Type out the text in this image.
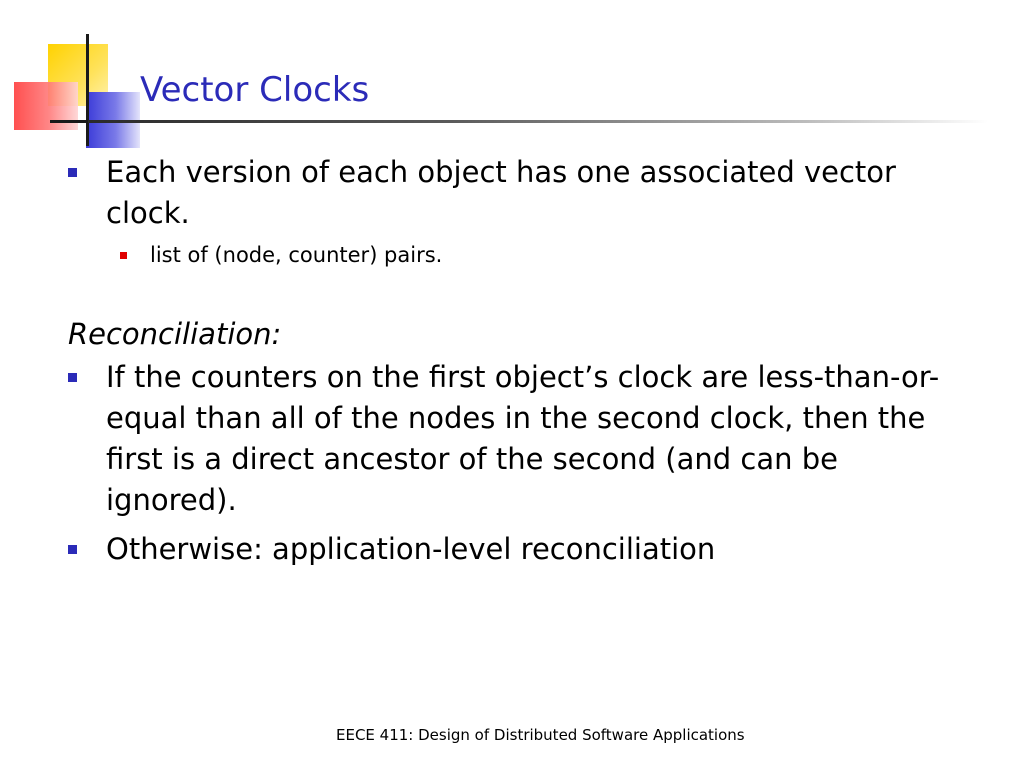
Vector Clocks

Each version of each object has one associated vector clock.

list of (node, counter) pairs.

Reconciliation:

If the counters on the first object’s clock are less-than-or-equal than all of the nodes in the second clock, then the first is a direct ancestor of the second (and can be ignored).

Otherwise: application-level reconciliation

EECE 411: Design of Distributed Software Applications
